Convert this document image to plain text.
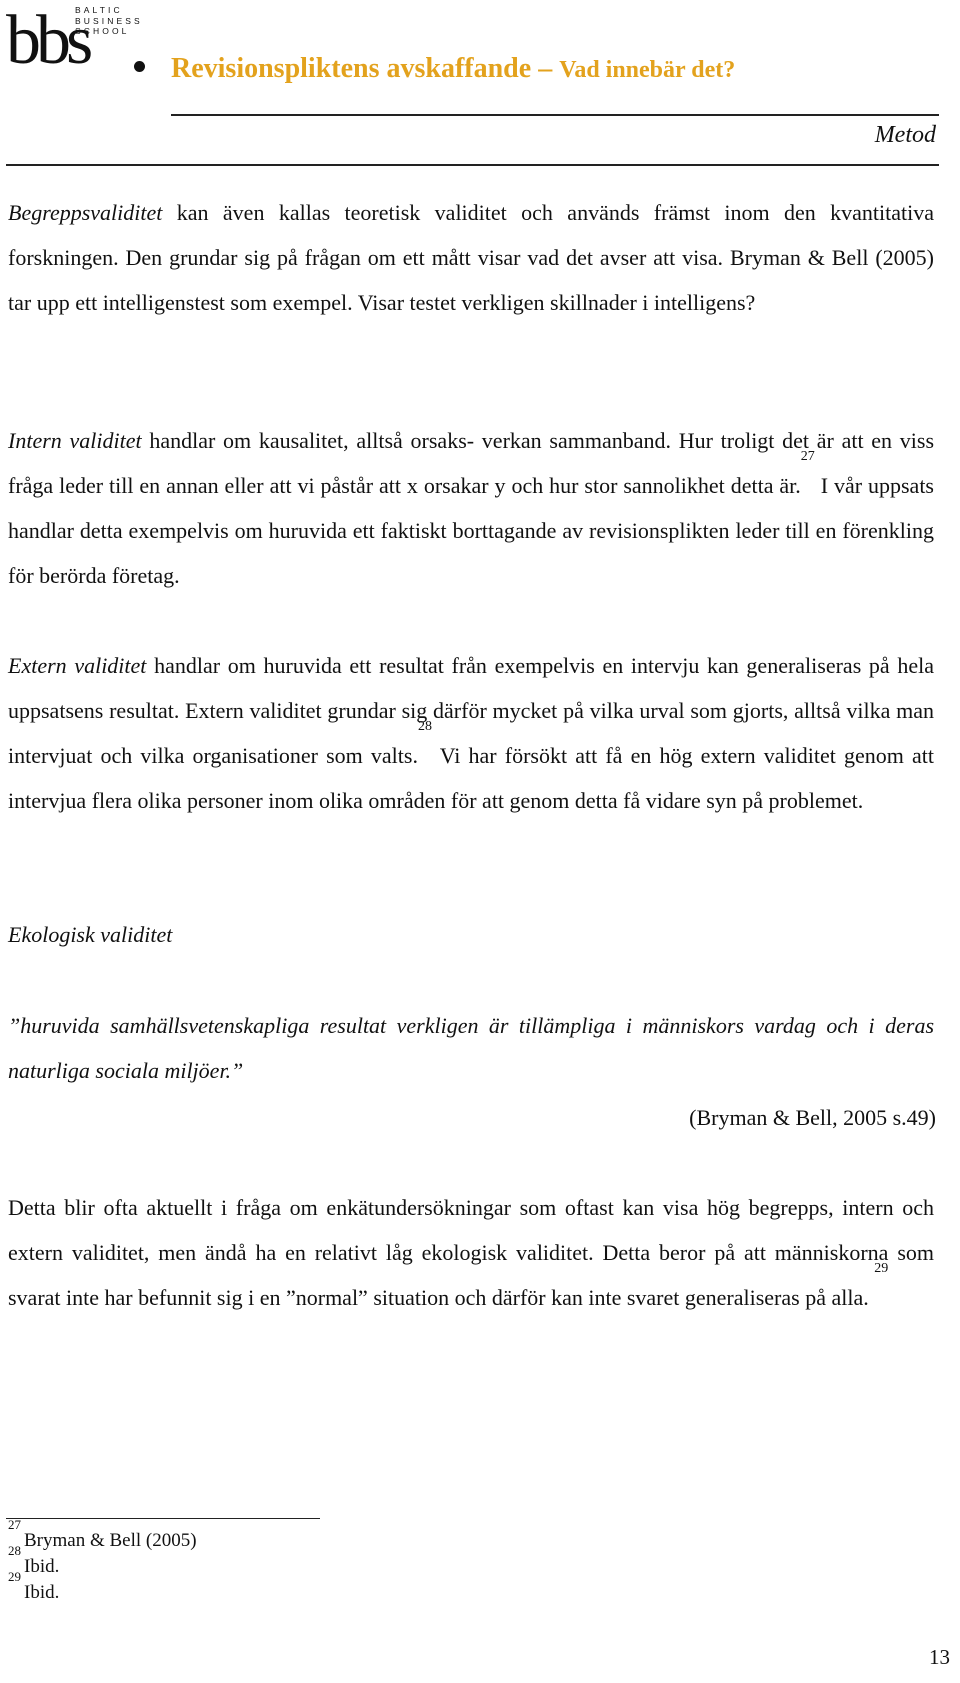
bbs
BALTIC
BUSINESS
SCHOOL
Revisionspliktens avskaffande – Vad innebär det?
Metod

Begreppsvaliditet kan även kallas teoretisk validitet och används främst inom den kvantitativa forskningen. Den grundar sig på frågan om ett mått visar vad det avser att visa. Bryman & Bell (2005) tar upp ett intelligenstest som exempel. Visar testet verkligen skillnader i intelligens?

Intern validitet handlar om kausalitet, alltså orsaks- verkan sammanband. Hur troligt det är att en viss fråga leder till en annan eller att vi påstår att x orsakar y och hur stor sannolikhet detta är.$^{27}$ I vår uppsats handlar detta exempelvis om huruvida ett faktiskt borttagande av revisionsplikten leder till en förenkling för berörda företag.

Extern validitet handlar om huruvida ett resultat från exempelvis en intervju kan generaliseras på hela uppsatsens resultat. Extern validitet grundar sig därför mycket på vilka urval som gjorts, alltså vilka man intervjuat och vilka organisationer som valts.$^{28}$ Vi har försökt att få en hög extern validitet genom att intervjua flera olika personer inom olika områden för att genom detta få vidare syn på problemet.

Ekologisk validitet

”huruvida samhällsvetenskapliga resultat verkligen är tillämpliga i människors vardag och i deras naturliga sociala miljöer.”

(Bryman & Bell, 2005 s.49)

Detta blir ofta aktuellt i fråga om enkätundersökningar som oftast kan visa hög begrepps, intern och extern validitet, men ändå ha en relativt låg ekologisk validitet. Detta beror på att människorna som svarat inte har befunnit sig i en ”normal” situation och därför kan inte svaret generaliseras på alla. $^{29}$

$^{27}$Bryman & Bell (2005)
$^{28}$Ibid.
$^{29}$Ibid.
13
